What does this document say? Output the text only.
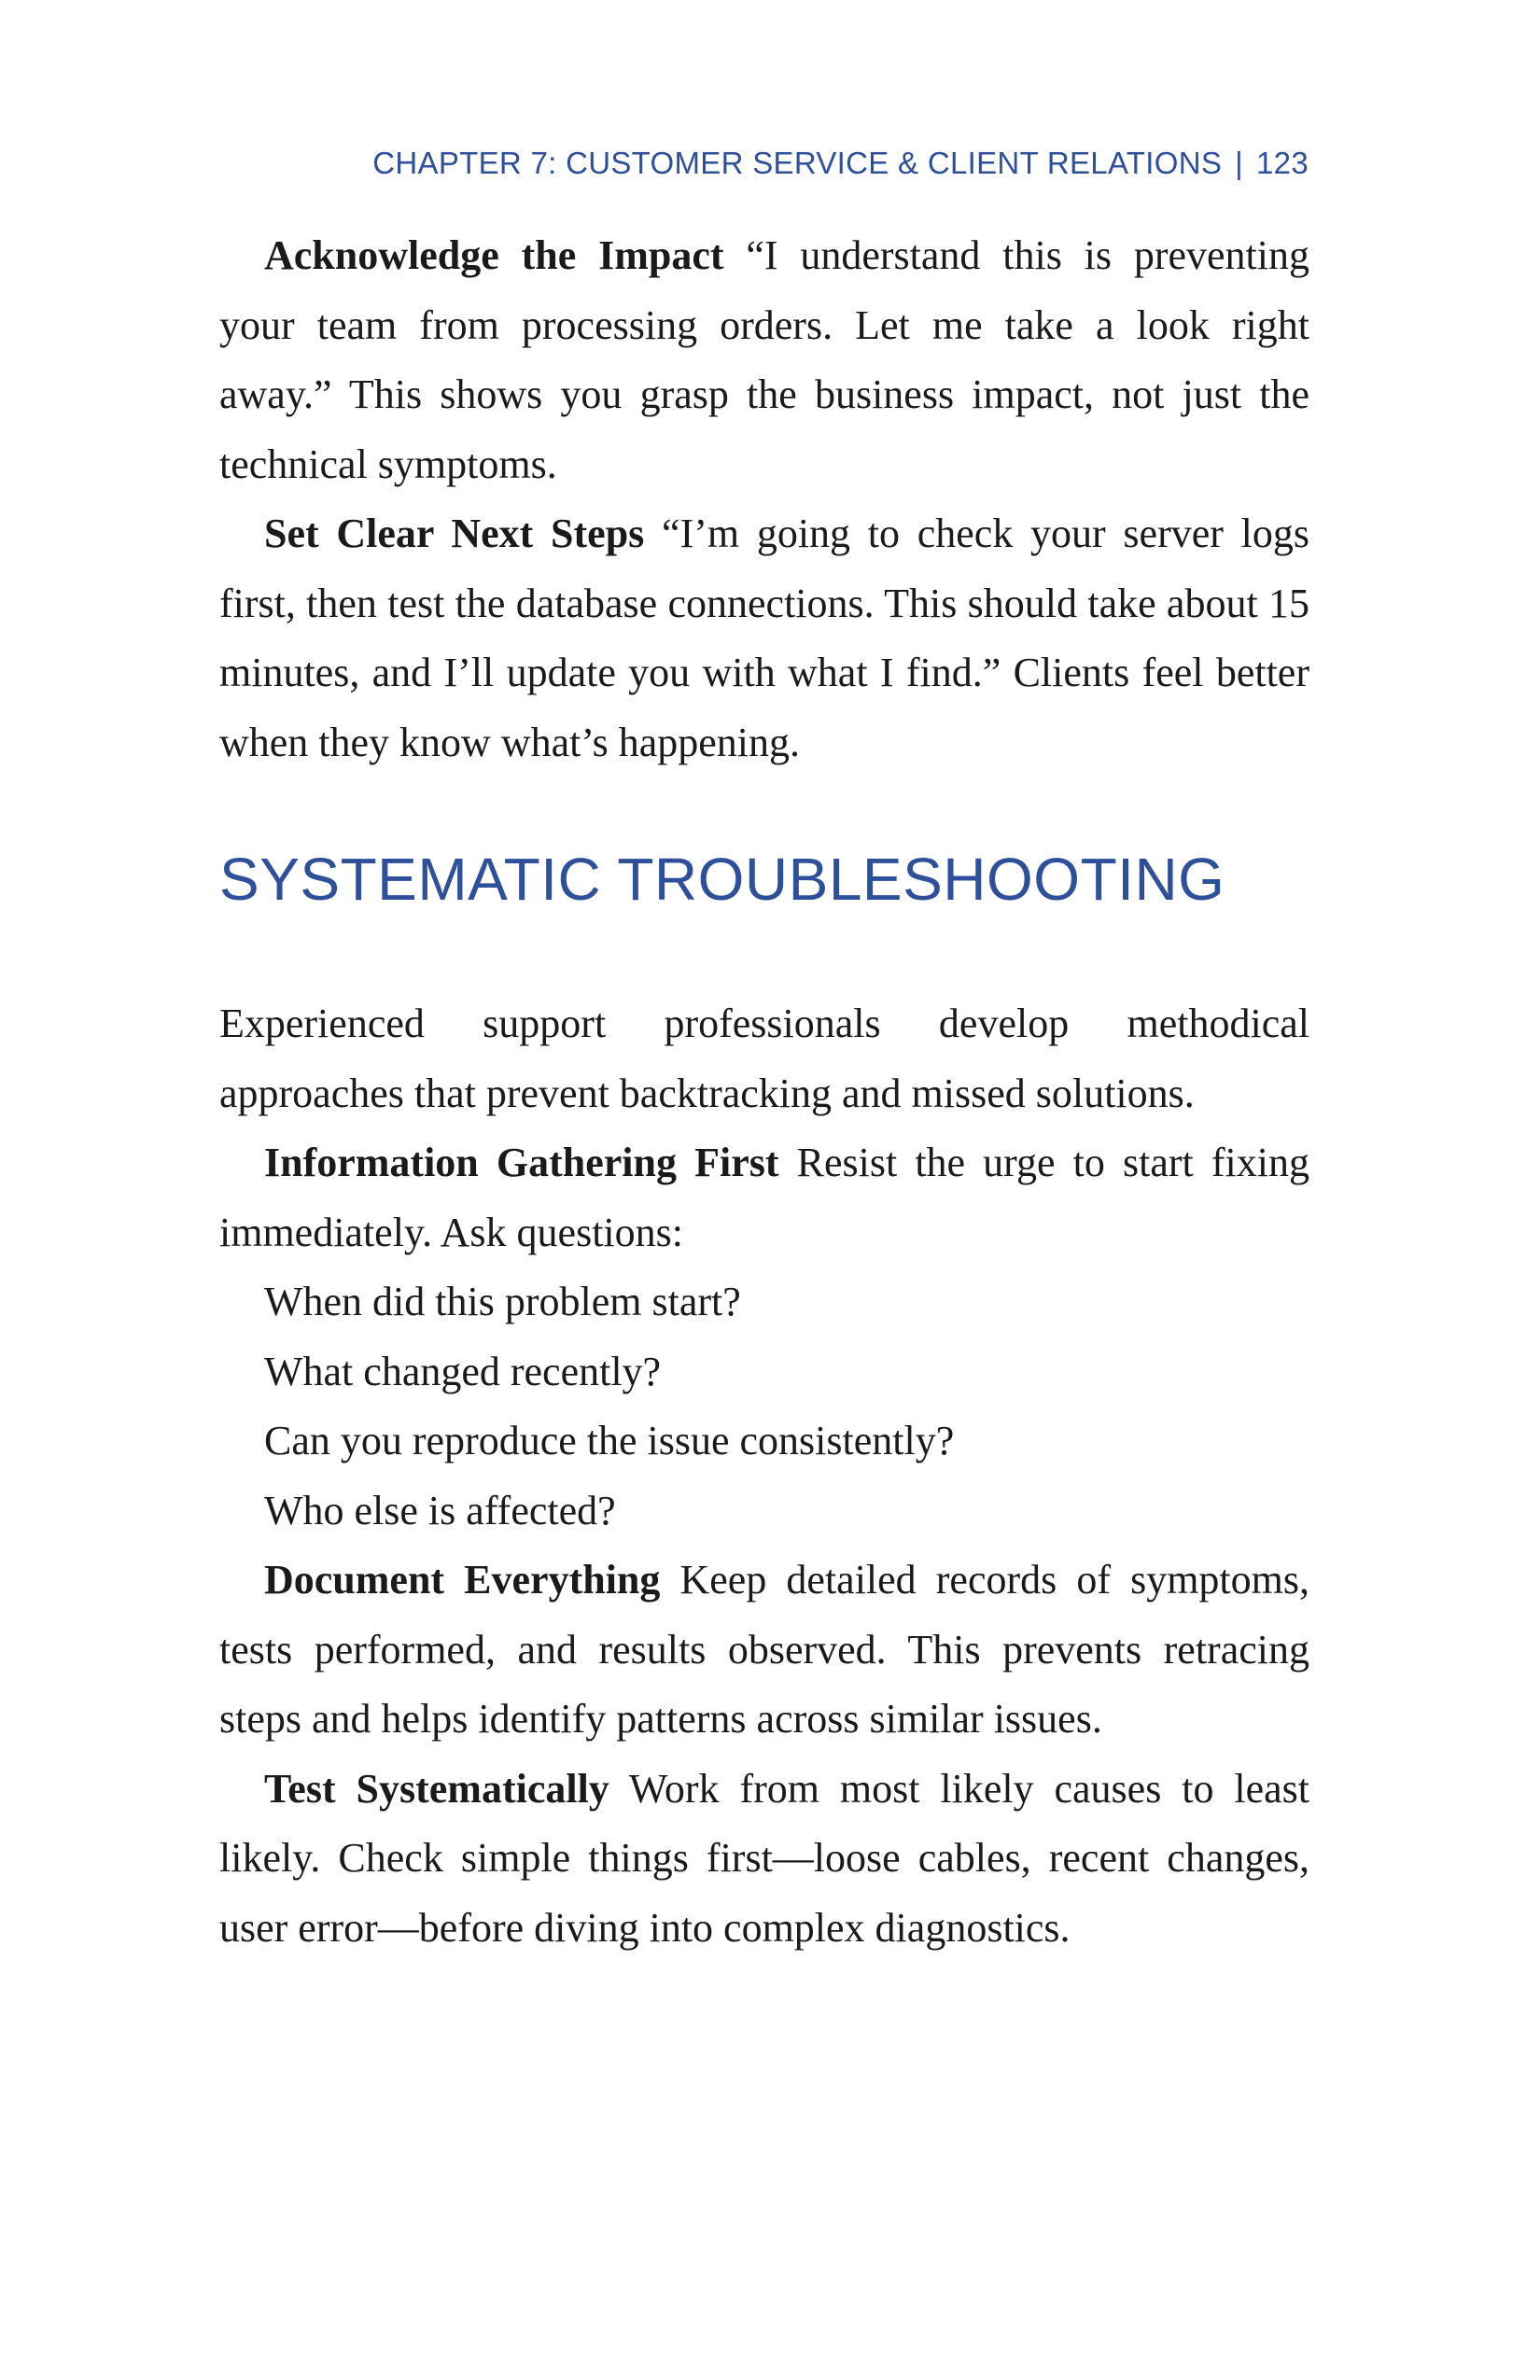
CHAPTER 7: CUSTOMER SERVICE & CLIENT RELATIONS | 123

Acknowledge the Impact “I understand this is preventing your team from processing orders. Let me take a look right away.” This shows you grasp the business impact, not just the technical symptoms.

Set Clear Next Steps “I’m going to check your server logs first, then test the database connections. This should take about 15 minutes, and I’ll update you with what I find.” Clients feel better when they know what’s happening.

SYSTEMATIC TROUBLESHOOTING

Experienced support professionals develop methodical approaches that prevent backtracking and missed solutions.

Information Gathering First Resist the urge to start fixing immediately. Ask questions:

When did this problem start?

What changed recently?

Can you reproduce the issue consistently?

Who else is affected?

Document Everything Keep detailed records of symptoms, tests performed, and results observed. This prevents retracing steps and helps identify patterns across similar issues.

Test Systematically Work from most likely causes to least likely. Check simple things first—loose cables, recent changes, user error—before diving into complex diagnostics.
